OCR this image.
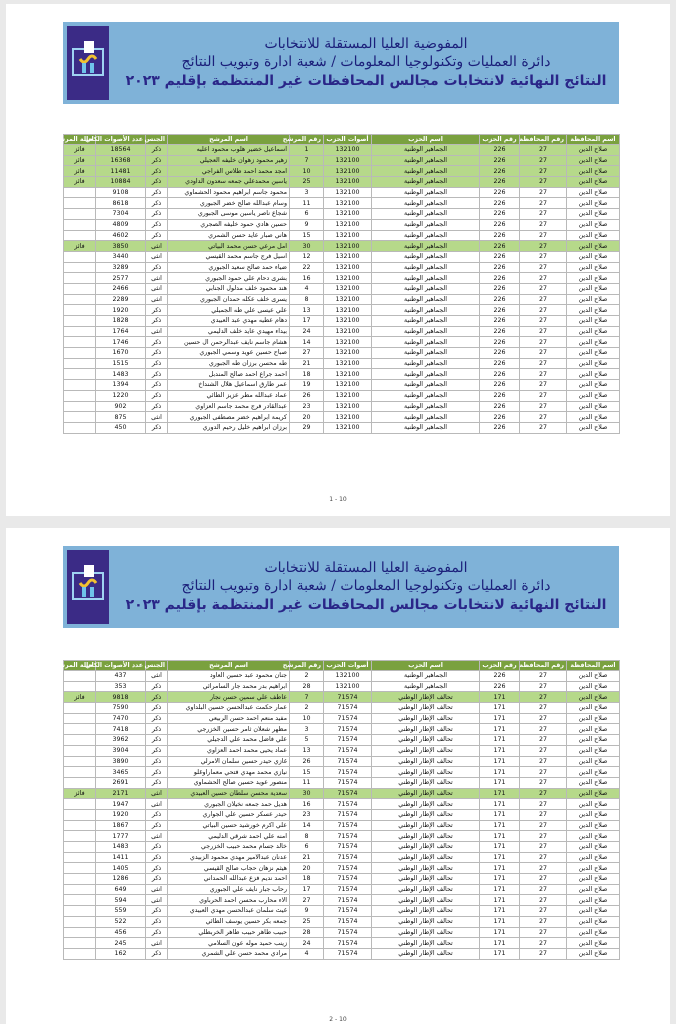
المفوضية العليا المستقلة للانتخابات
دائرة العمليات وتكنولوجيا المعلومات / شعبة ادارة وتبويب النتائج
النتائج النهائية لانتخابات مجالس المحافظات غير المنتظمة بإقليم ٢٠٢٣
اسم المحافظة	رقم المحافظة	رقم الحزب	اسم الحزب	أصوات الحزب	رقم المرشح	اسم المرشح	الجنس	عدد الأصوات الكلي	حالة المرشح
صلاح الدين	27	226	الجماهير الوطنية	132100	1	اسماعيل خضير هلوب محمود اعليه	ذكر	18564	فائز
صلاح الدين	27	226	الجماهير الوطنية	132100	7	زهير محمود زهوان خليفه العجيلي	ذكر	16368	فائز
صلاح الدين	27	226	الجماهير الوطنية	132100	10	امجد محمد احمد طلاس الفراجي	ذكر	11481	فائز
صلاح الدين	27	226	الجماهير الوطنية	132100	25	ياسين محمدعلي جمعه سعدون الداودي	ذكر	10884	فائز
صلاح الدين	27	226	الجماهير الوطنية	132100	3	محمود جاسم ابراهيم محمود الحشماوي	ذكر	9108	
صلاح الدين	27	226	الجماهير الوطنية	132100	11	وسام عبدالله صالح خضر الجبوري	ذكر	8618	
صلاح الدين	27	226	الجماهير الوطنية	132100	6	شجاع ناصر ياسين موسى الجبوري	ذكر	7304	
صلاح الدين	27	226	الجماهير الوطنية	132100	9	حسين هادي حمود خليفه الصجري	ذكر	4809	
صلاح الدين	27	226	الجماهير الوطنية	132100	15	هاني صبار عايد حسن الشمري	ذكر	4602	
صلاح الدين	27	226	الجماهير الوطنية	132100	30	امل مرعي حسن محمد البياتي	انثى	3850	فائز
صلاح الدين	27	226	الجماهير الوطنية	132100	12	اسيل فرج جاسم محمد القيسي	انثى	3440	
صلاح الدين	27	226	الجماهير الوطنية	132100	22	ضياء حمد صالح سعيد الجبوري	ذكر	3289	
صلاح الدين	27	226	الجماهير الوطنية	132100	16	بشرى دحام علي حمود الجبوري	انثى	2577	
صلاح الدين	27	226	الجماهير الوطنية	132100	4	هند محمود خلف مدلول الجنابي	انثى	2466	
صلاح الدين	27	226	الجماهير الوطنية	132100	8	يسرى خلف عكله حمدان الجبوري	انثى	2289	
صلاح الدين	27	226	الجماهير الوطنية	132100	13	علي عيسى علي طه الجميلي	ذكر	1920	
صلاح الدين	27	226	الجماهير الوطنية	132100	17	دهام عطيه مهدي عبد العبيدي	ذكر	1828	
صلاح الدين	27	226	الجماهير الوطنية	132100	24	بيداء مهيدي عايد خلف الدليمي	انثى	1764	
صلاح الدين	27	226	الجماهير الوطنية	132100	14	هشام جاسم نايف عبدالرحمن ال حسين	ذكر	1746	
صلاح الدين	27	226	الجماهير الوطنية	132100	27	صباح حسين عويد وسمي الجبوري	ذكر	1670	
صلاح الدين	27	226	الجماهير الوطنية	132100	21	طه محسن برزان طه الجبوري	ذكر	1515	
صلاح الدين	27	226	الجماهير الوطنية	132100	18	احمد جراع احمد صالح المندبل	ذكر	1483	
صلاح الدين	27	226	الجماهير الوطنية	132100	19	عمر طارق اسماعيل هلال الشنداخ	ذكر	1394	
صلاح الدين	27	226	الجماهير الوطنية	132100	26	عماد عبدالله مطر عزيز الطائي	ذكر	1220	
صلاح الدين	27	226	الجماهير الوطنية	132100	23	عبدالقادر فرج محمد جاسم العزاوي	ذكر	902	
صلاح الدين	27	226	الجماهير الوطنية	132100	20	كريمة ابراهيم خضر مصطفى الجبوري	انثى	875	
صلاح الدين	27	226	الجماهير الوطنية	132100	29	برزان ابراهيم خليل رحيم الدوري	ذكر	450	
1 - 10
المفوضية العليا المستقلة للانتخابات
دائرة العمليات وتكنولوجيا المعلومات / شعبة ادارة وتبويب النتائج
النتائج النهائية لانتخابات مجالس المحافظات غير المنتظمة بإقليم ٢٠٢٣
اسم المحافظة	رقم المحافظة	رقم الحزب	اسم الحزب	أصوات الحزب	رقم المرشح	اسم المرشح	الجنس	عدد الأصوات الكلي	حالة المرشح
صلاح الدين	27	226	الجماهير الوطنية	132100	2	جنان محمود عبد حسين العاود	انثى	437	
صلاح الدين	27	226	الجماهير الوطنية	132100	28	ابراهيم بدر محمد جار السامرائي	ذكر	353	
صلاح الدين	27	171	تحالف الإطار الوطني	71574	7	عاطف علي سمين حسن نجار	ذكر	9818	فائز
صلاح الدين	27	171	تحالف الإطار الوطني	71574	2	عمار حكمت عبدالحسن حسين البلداوي	ذكر	7590	
صلاح الدين	27	171	تحالف الإطار الوطني	71574	10	مفيد منعم احمد حسن الربيعي	ذكر	7470	
صلاح الدين	27	171	تحالف الإطار الوطني	71574	3	مظهر شعلان ثامر حسين الخزرجي	ذكر	7418	
صلاح الدين	27	171	تحالف الإطار الوطني	71574	5	علي فاضل محمد علي الدجيلي	ذكر	3962	
صلاح الدين	27	171	تحالف الإطار الوطني	71574	13	عماد يحيى محمد احمد العزاوي	ذكر	3904	
صلاح الدين	27	171	تحالف الإطار الوطني	71574	26	غازي حيدر حسين سلمان الامرلي	ذكر	3890	
صلاح الدين	27	171	تحالف الإطار الوطني	71574	15	نيازي محمد مهدي فتحي معماراوغلو	ذكر	3465	
صلاح الدين	27	171	تحالف الإطار الوطني	71574	11	منصور عويد حسين صالح الحشماوي	ذكر	2691	
صلاح الدين	27	171	تحالف الإطار الوطني	71574	30	سعدية محسن سلطان حسين العبيدي	انثى	2171	فائز
صلاح الدين	27	171	تحالف الإطار الوطني	71574	16	هديل حمد جمعه نخيلان الجبوري	انثى	1947	
صلاح الدين	27	171	تحالف الإطار الوطني	71574	23	حيدر عسكر حسين علي الجواري	ذكر	1920	
صلاح الدين	27	171	تحالف الإطار الوطني	71574	14	علي اكرم خورشيد حسين البياتي	ذكر	1867	
صلاح الدين	27	171	تحالف الإطار الوطني	71574	8	امنه علي احمد شرقي الدليمي	انثى	1777	
صلاح الدين	27	171	تحالف الإطار الوطني	71574	6	خالد جسام محمد حبيب الخزرجي	ذكر	1483	
صلاح الدين	27	171	تحالف الإطار الوطني	71574	21	عدنان عبدالامير مهدي محمود الزبيدي	ذكر	1411	
صلاح الدين	27	171	تحالف الإطار الوطني	71574	20	هيثم نزهان حجاب صالح القيسي	ذكر	1405	
صلاح الدين	27	171	تحالف الإطار الوطني	71574	18	احمد نديم فزع عبدالله الحمداني	ذكر	1286	
صلاح الدين	27	171	تحالف الإطار الوطني	71574	17	رحاب جبار نايف علي الجبوري	انثى	649	
صلاح الدين	27	171	تحالف الإطار الوطني	71574	27	الاء محارب محسن احمد الحرباوي	انثى	594	
صلاح الدين	27	171	تحالف الإطار الوطني	71574	9	غيث سلمان عبدالحسن مهدي العبيدي	ذكر	559	
صلاح الدين	27	171	تحالف الإطار الوطني	71574	25	جمعه بكر حسين يوسف الطائي	ذكر	522	
صلاح الدين	27	171	تحالف الإطار الوطني	71574	28	حبيب طاهر حبيب طاهر الخربطلي	ذكر	456	
صلاح الدين	27	171	تحالف الإطار الوطني	71574	24	زينب حميد موله عون السلامي	انثى	245	
صلاح الدين	27	171	تحالف الإطار الوطني	71574	4	مرادي محمد حسن علي الشمري	ذكر	162	
2 - 10
